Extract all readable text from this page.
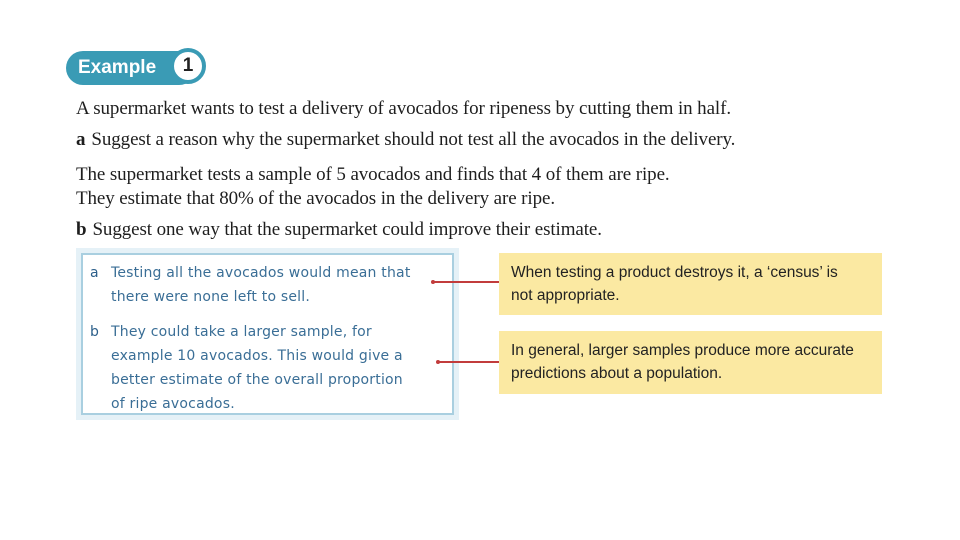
Example	1
A supermarket wants to test a delivery of avocados for ripeness by cutting them in half.
a Suggest a reason why the supermarket should not test all the avocados in the delivery.
The supermarket tests a sample of 5 avocados and finds that 4 of them are ripe.
They estimate that 80% of the avocados in the delivery are ripe.
b Suggest one way that the supermarket could improve their estimate.
a Testing all the avocados would mean that
there were none left to sell.
b They could take a larger sample, for
example 10 avocados. This would give a
better estimate of the overall proportion
of ripe avocados.
When testing a product destroys it, a ‘census’ is
not appropriate.
In general, larger samples produce more accurate
predictions about a population.
